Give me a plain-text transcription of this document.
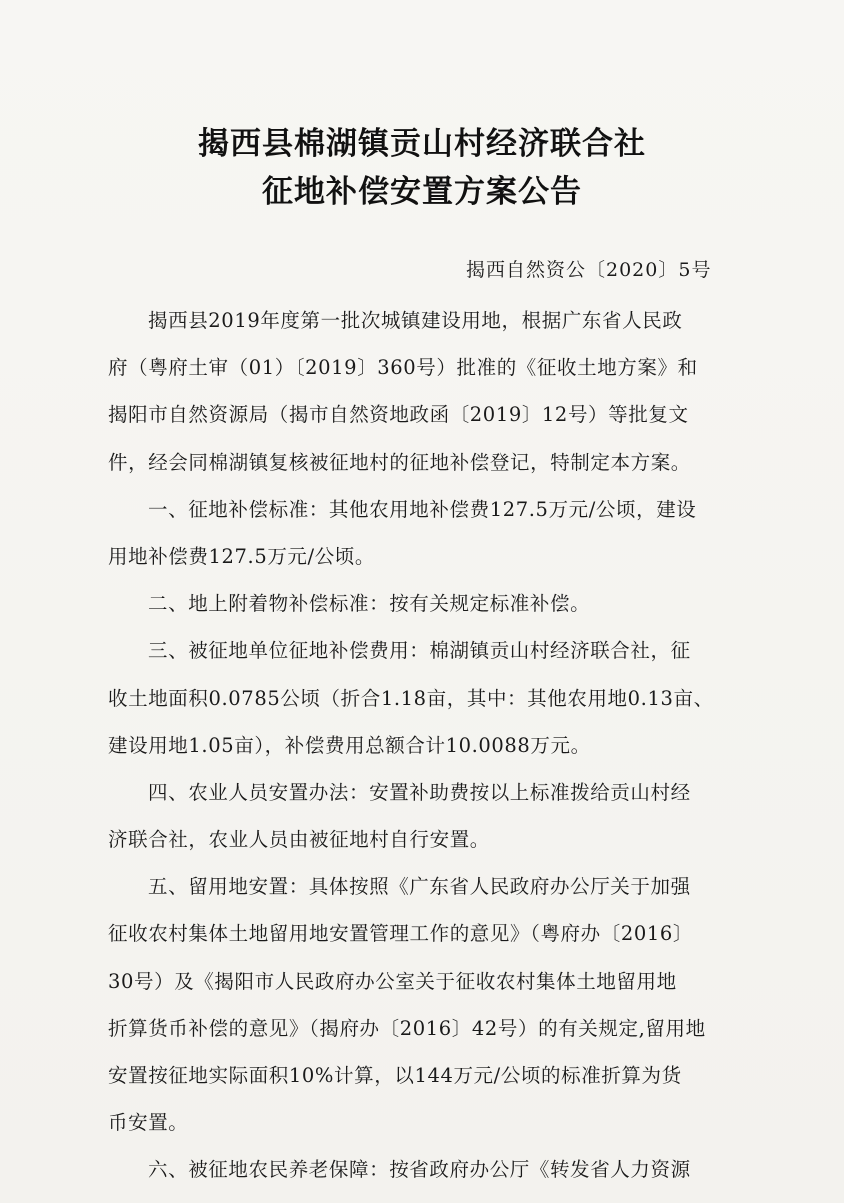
揭西县棉湖镇贡山村经济联合社
征地补偿安置方案公告
揭西自然资公〔2020〕5号
揭西县2019年度第一批次城镇建设用地，根据广东省人民政
府（粤府土审（01）〔2019〕360号）批准的《征收土地方案》和
揭阳市自然资源局（揭市自然资地政函〔2019〕12号）等批复文
件，经会同棉湖镇复核被征地村的征地补偿登记，特制定本方案。
一、征地补偿标准：其他农用地补偿费127.5万元/公顷，建设
用地补偿费127.5万元/公顷。
二、地上附着物补偿标准：按有关规定标准补偿。
三、被征地单位征地补偿费用：棉湖镇贡山村经济联合社，征
收土地面积0.0785公顷（折合1.18亩，其中：其他农用地0.13亩、
建设用地1.05亩），补偿费用总额合计10.0088万元。
四、农业人员安置办法：安置补助费按以上标准拨给贡山村经
济联合社，农业人员由被征地村自行安置。
五、留用地安置：具体按照《广东省人民政府办公厅关于加强
征收农村集体土地留用地安置管理工作的意见》（粤府办〔2016〕
30号）及《揭阳市人民政府办公室关于征收农村集体土地留用地
折算货币补偿的意见》（揭府办〔2016〕42号）的有关规定,留用地
安置按征地实际面积10%计算，以144万元/公顷的标准折算为货
币安置。
六、被征地农民养老保障：按省政府办公厅《转发省人力资源
